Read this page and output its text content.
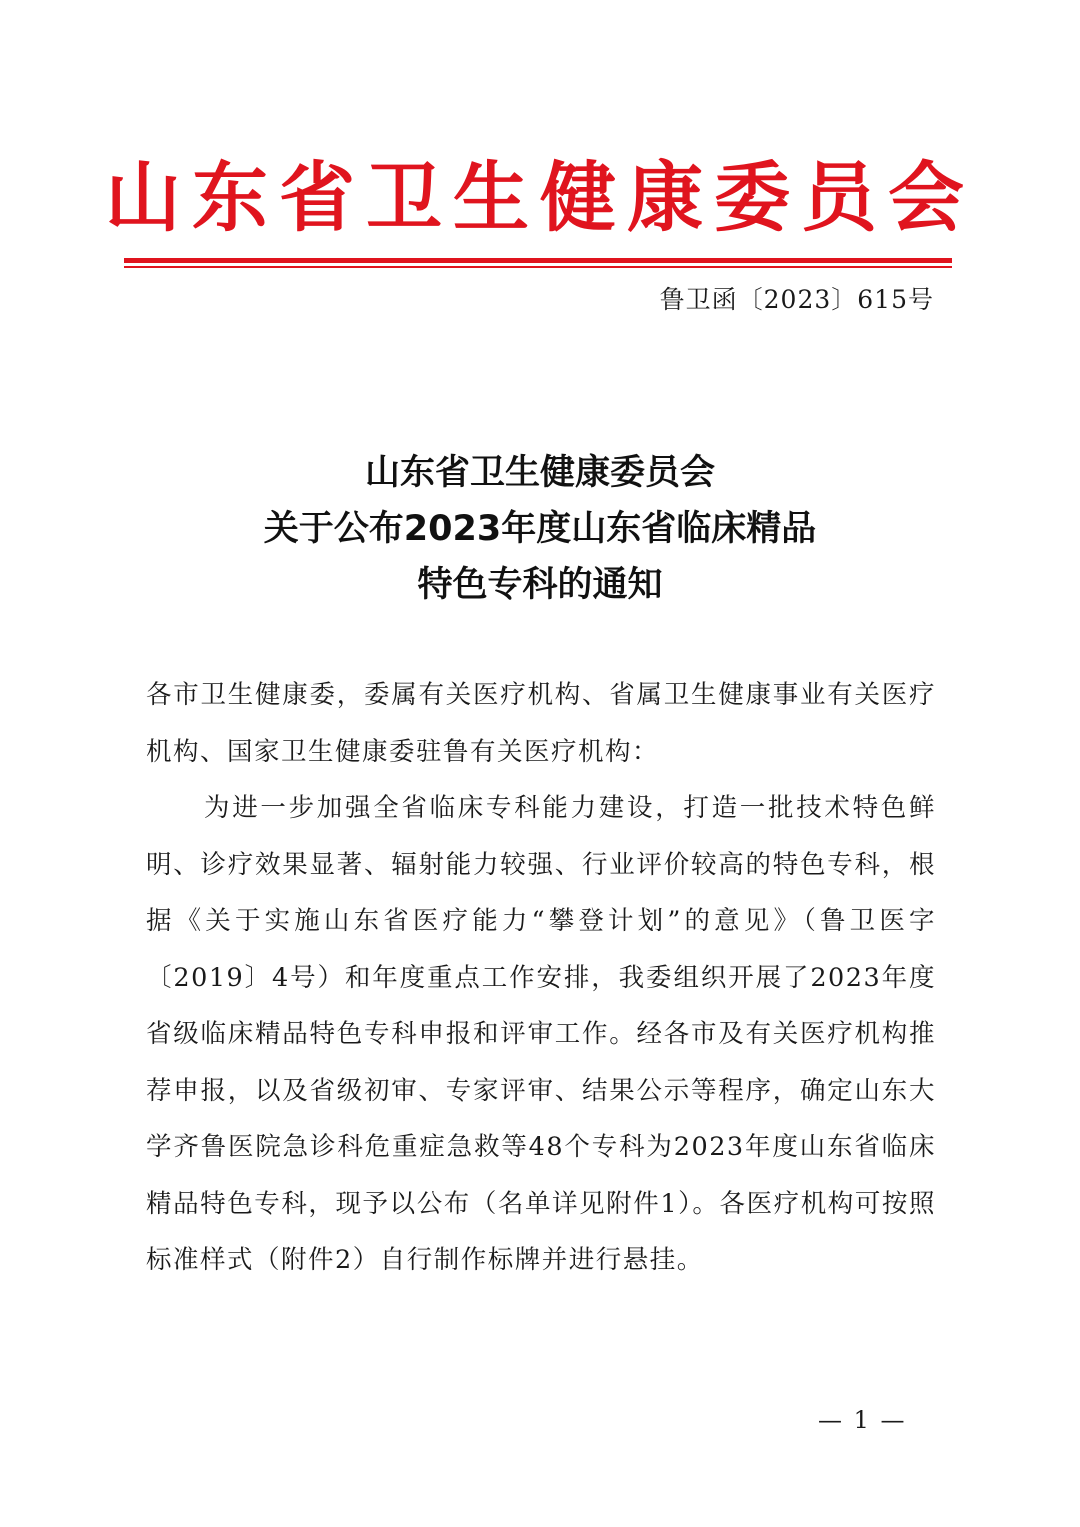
山东省卫生健康委员会
鲁卫函〔2023〕615号
山东省卫生健康委员会
关于公布2023年度山东省临床精品
特色专科的通知

各市卫生健康委，委属有关医疗机构、省属卫生健康事业有关医疗机构、国家卫生健康委驻鲁有关医疗机构：

为进一步加强全省临床专科能力建设，打造一批技术特色鲜明、诊疗效果显著、辐射能力较强、行业评价较高的特色专科，根据《关于实施山东省医疗能力“攀登计划”的意见》（鲁卫医字〔2019〕4号）和年度重点工作安排，我委组织开展了2023年度省级临床精品特色专科申报和评审工作。经各市及有关医疗机构推荐申报，以及省级初审、专家评审、结果公示等程序，确定山东大学齐鲁医院急诊科危重症急救等48个专科为2023年度山东省临床精品特色专科，现予以公布（名单详见附件1）。各医疗机构可按照标准样式（附件2）自行制作标牌并进行悬挂。

— 1 —
